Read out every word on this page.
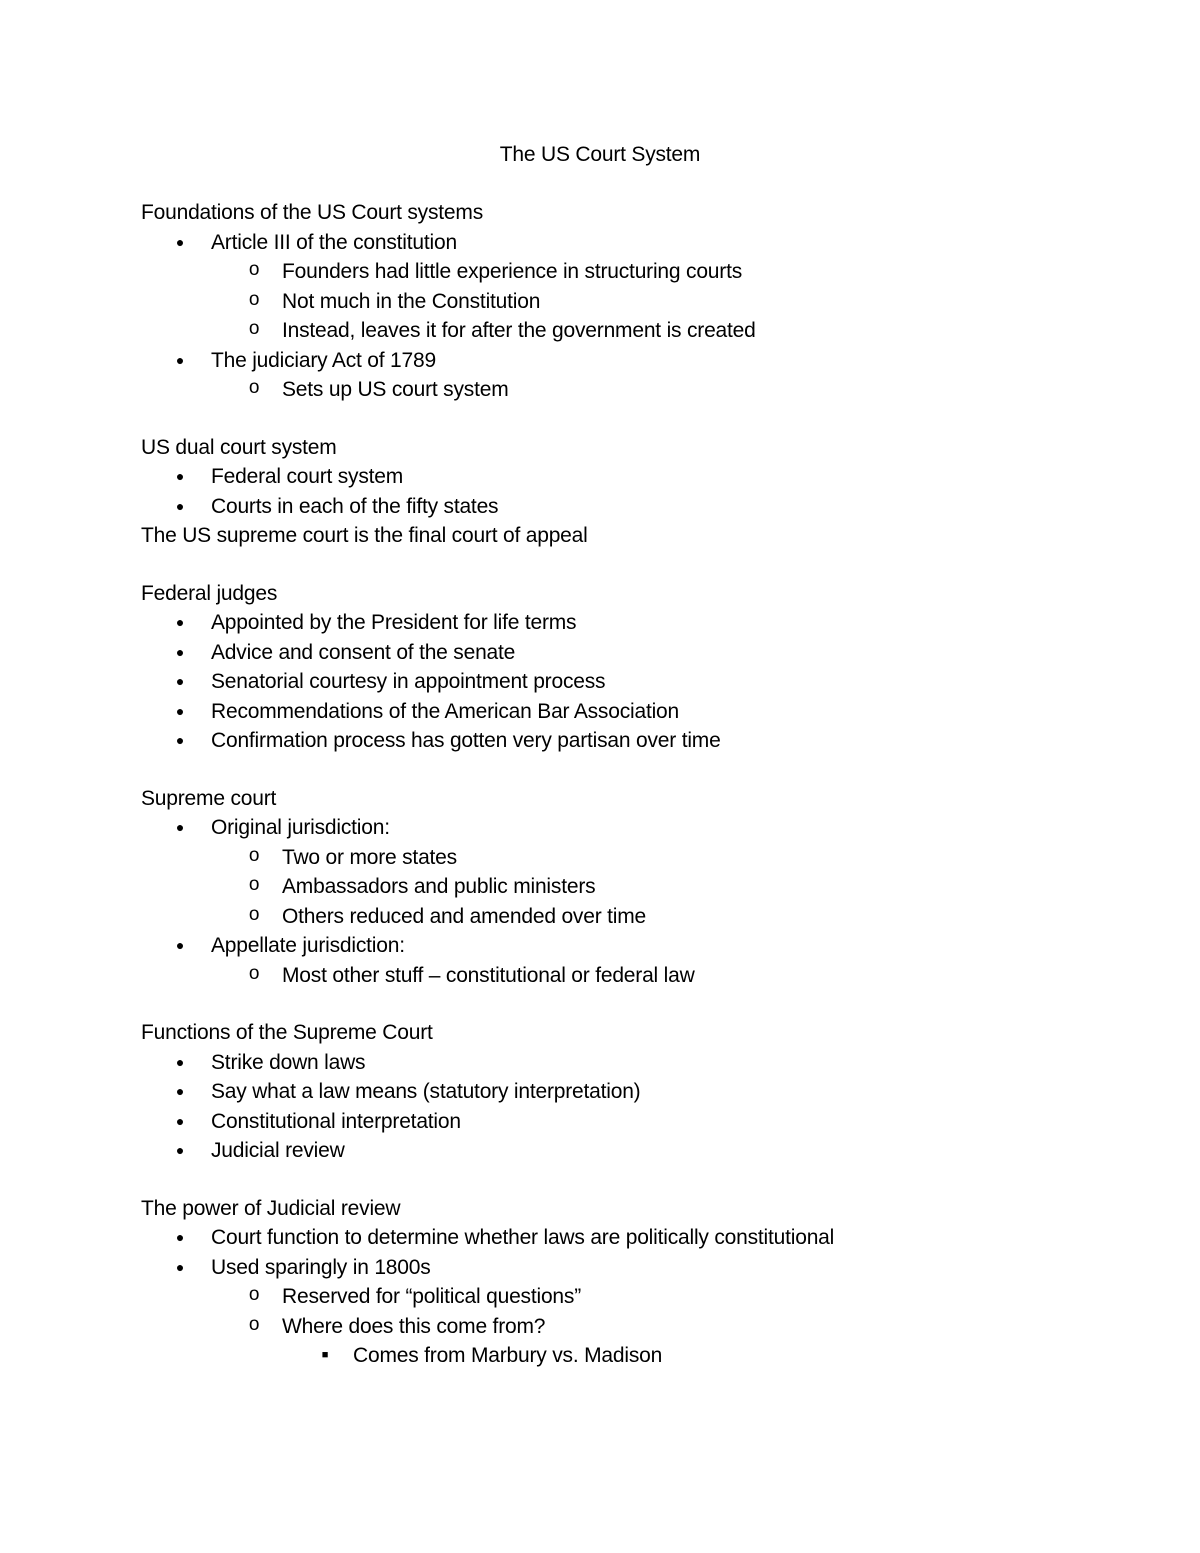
The US Court System
Foundations of the US Court systems
● Article III of the constitution
o Founders had little experience in structuring courts
o Not much in the Constitution
o Instead, leaves it for after the government is created
● The judiciary Act of 1789
o Sets up US court system
US dual court system
● Federal court system
● Courts in each of the fifty states
The US supreme court is the final court of appeal
Federal judges
● Appointed by the President for life terms
● Advice and consent of the senate
● Senatorial courtesy in appointment process
● Recommendations of the American Bar Association
● Confirmation process has gotten very partisan over time
Supreme court
● Original jurisdiction:
o Two or more states
o Ambassadors and public ministers
o Others reduced and amended over time
● Appellate jurisdiction:
o Most other stuff – constitutional or federal law
Functions of the Supreme Court
● Strike down laws
● Say what a law means (statutory interpretation)
● Constitutional interpretation
● Judicial review
The power of Judicial review
● Court function to determine whether laws are politically constitutional
● Used sparingly in 1800s
o Reserved for “political questions”
o Where does this come from?
■ Comes from Marbury vs. Madison
